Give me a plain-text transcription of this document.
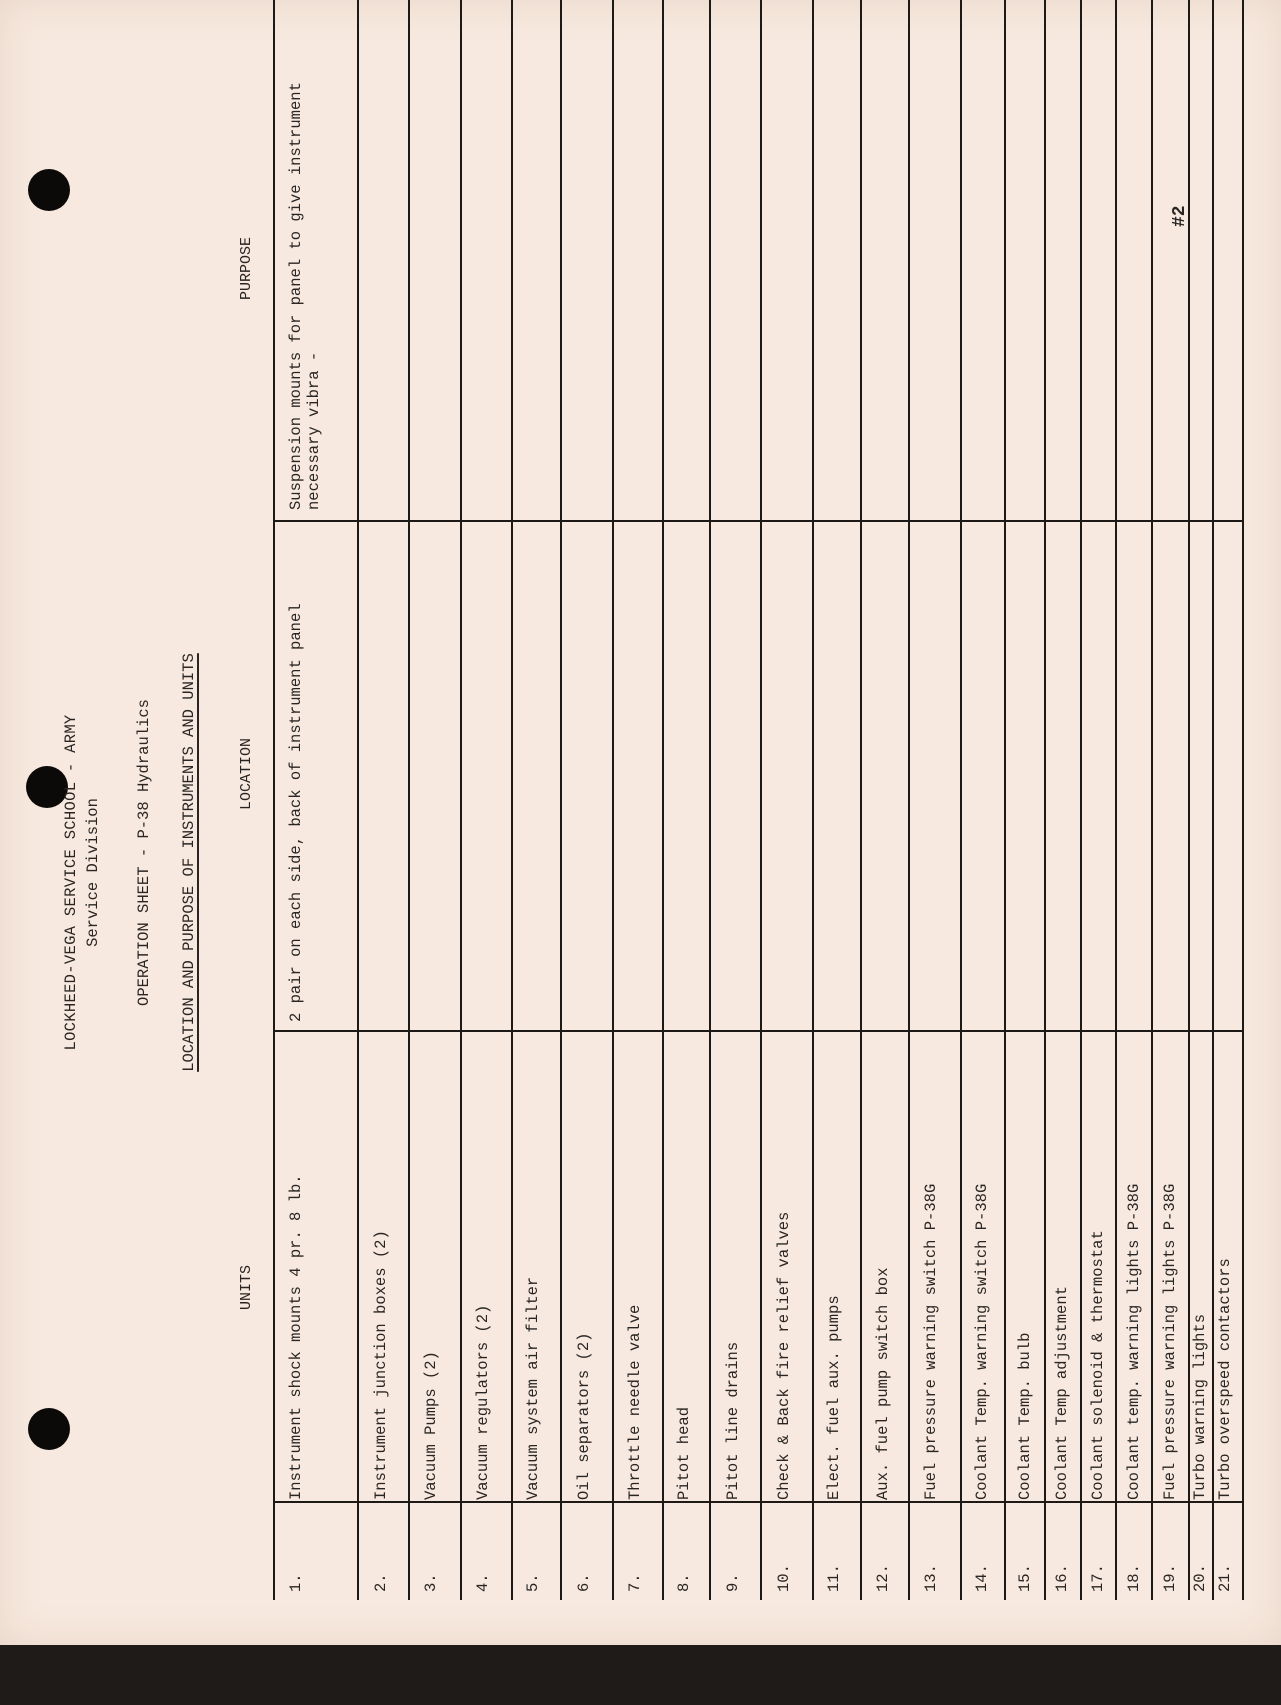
LOCKHEED-VEGA SERVICE SCHOOL - ARMY Service Division OPERATION SHEET - P-38 Hydraulics LOCATION AND PURPOSE OF INSTRUMENTS AND UNITS
UNITS
LOCATION
PURPOSE
1.
Instrument shock mounts 4 pr. 8 lb.
2 pair on each side, back of instrument panel
Suspension mounts for panel to give instrument necessary vibra -
2.
Instrument junction boxes (2)
3.
Vacuum Pumps (2)
4.
Vacuum regulators (2)
5.
Vacuum system air filter
6.
Oil separators (2)
7.
Throttle needle valve
8.
Pitot head
9.
Pitot line drains
10.
Check & Back fire relief valves
11.
Elect. fuel aux. pumps
12.
Aux. fuel pump switch box
13.
Fuel pressure warning switch P-38G
14.
Coolant Temp. warning switch P-38G
15.
Coolant Temp. bulb
16.
Coolant Temp adjustment
17.
Coolant solenoid & thermostat
18.
Coolant temp. warning lights P-38G
19.
Fuel pressure warning lights P-38G
20.
Turbo warning lights
21.
Turbo overspeed contactors
#2
